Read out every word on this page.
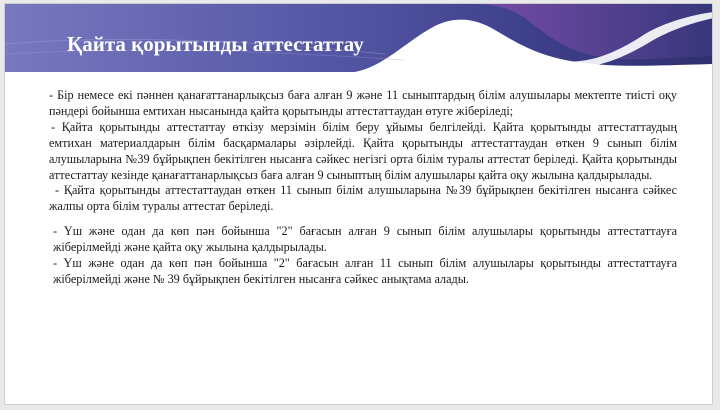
Қайта қорытынды аттестаттау

- Бір немесе екі пәннен қанағаттанарлықсыз баға алған 9 және 11 сыныптардың білім алушылары мектепте тиісті оқу пәндері бойынша емтихан нысанында қайта қорытынды аттестаттаудан өтуге жіберіледі;

- Қайта қорытынды аттестаттау өткізу мерзімін білім беру ұйымы белгілейді. Қайта қорытынды аттестаттаудың емтихан материалдарын білім басқармалары әзірлейді. Қайта қорытынды аттестаттаудан өткен 9 сынып білім алушыларына №39 бұйрықпен бекітілген нысанға сәйкес негізгі орта білім туралы аттестат беріледі. Қайта қорытынды аттестаттау кезінде қанағаттанарлықсыз баға алған 9 сыныптың білім алушылары қайта оқу жылына қалдырылады.

- Қайта қорытынды аттестаттаудан өткен 11 сынып білім алушыларына №39 бұйрықпен бекітілген нысанға сәйкес жалпы орта білім туралы аттестат беріледі.

- Үш және одан да көп пән бойынша "2" бағасын алған 9 сынып білім алушылары қорытынды аттестаттауға жіберілмейді және қайта оқу жылына қалдырылады.

- Үш және одан да көп пән бойынша "2" бағасын алған 11 сынып білім алушылары қорытынды аттестаттауға жіберілмейді және № 39 бұйрықпен бекітілген нысанға сәйкес анықтама алады.
